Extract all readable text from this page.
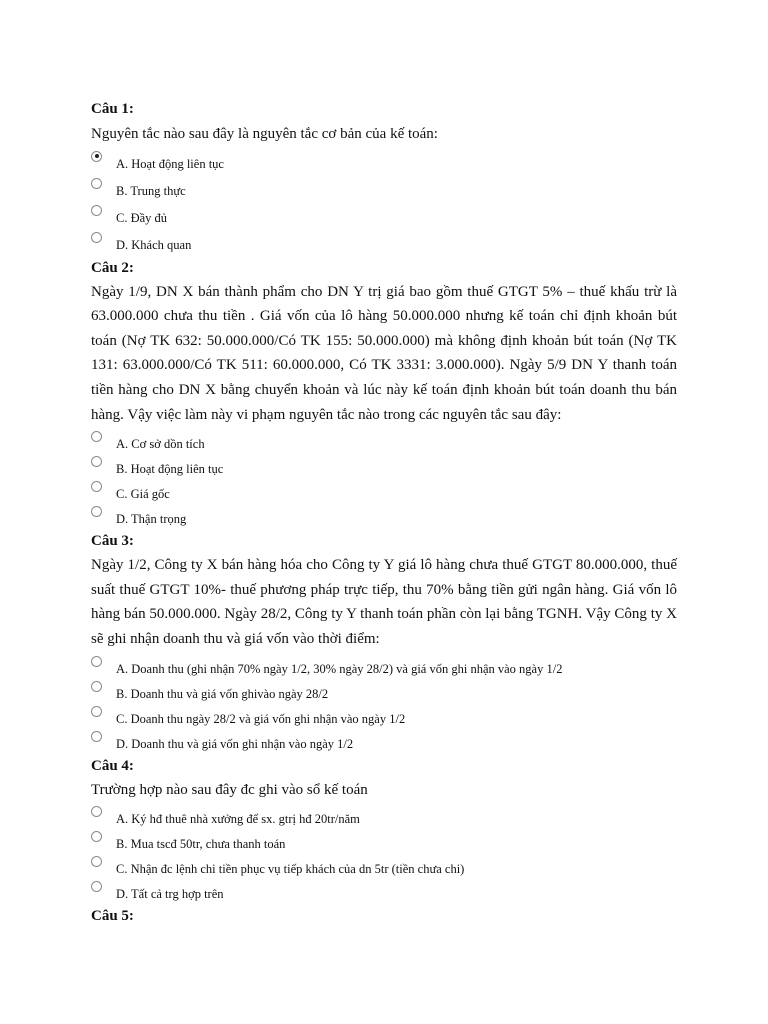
Câu 1:

Nguyên tắc nào sau đây là nguyên tắc cơ bản của kế toán:

A. Hoạt động liên tục
B. Trung thực
C. Đầy đủ
D. Khách quan

Câu 2:

Ngày 1/9, DN X bán thành phẩm cho DN Y trị giá bao gồm thuế GTGT 5% – thuế khấu trừ là 63.000.000 chưa thu tiền . Giá vốn của lô hàng 50.000.000 nhưng kế toán chỉ định khoản bút toán (Nợ TK 632: 50.000.000/Có TK 155: 50.000.000) mà không định khoản bút toán (Nợ TK 131: 63.000.000/Có TK 511: 60.000.000, Có TK 3331: 3.000.000). Ngày 5/9 DN Y thanh toán tiền hàng cho DN X bằng chuyển khoản và lúc này kế toán định khoản bút toán doanh thu bán hàng. Vậy việc làm này vi phạm nguyên tắc nào trong các nguyên tắc sau đây:

A. Cơ sở dồn tích
B. Hoạt động liên tục
C. Giá gốc
D. Thận trọng

Câu 3:

Ngày 1/2, Công ty X bán hàng hóa cho Công ty Y giá lô hàng chưa thuế GTGT 80.000.000, thuế suất thuế GTGT 10%- thuế phương pháp trực tiếp, thu 70% bằng tiền gửi ngân hàng. Giá vốn lô hàng bán 50.000.000. Ngày 28/2, Công ty Y thanh toán phần còn lại bằng TGNH. Vậy Công ty X sẽ ghi nhận doanh thu và giá vốn vào thời điểm:

A. Doanh thu (ghi nhận 70% ngày 1/2, 30% ngày 28/2) và giá vốn ghi nhận vào ngày 1/2
B. Doanh thu và giá vốn ghivào ngày 28/2
C. Doanh thu ngày 28/2 và giá vốn ghi nhận vào ngày 1/2
D. Doanh thu và giá vốn ghi nhận vào ngày 1/2

Câu 4:

Trường hợp nào sau đây đc ghi vào sổ kế toán

A. Ký hđ thuê nhà xưởng để sx. gtrị hđ 20tr/năm
B. Mua tscđ 50tr, chưa thanh toán
C. Nhận đc lệnh chi tiền phục vụ tiếp khách của dn 5tr (tiền chưa chi)
D. Tất cả trg hợp trên

Câu 5:
